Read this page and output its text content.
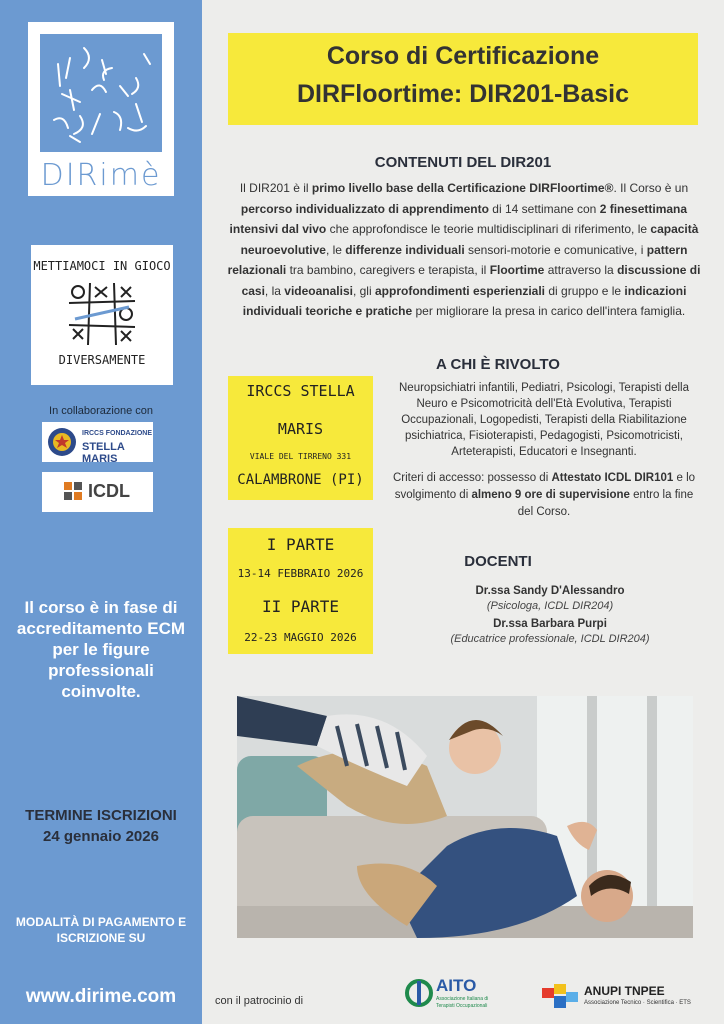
DIRimè
METTIAMOCI IN GIOCO
DIVERSAMENTE
In collaborazione con
IRCCS FONDAZIONE
STELLA MARIS
ICDL
Il corso è in fase di accreditamento ECM per le figure professionali coinvolte.
TERMINE ISCRIZIONI
24 gennaio 2026
MODALITÀ DI PAGAMENTO E ISCRIZIONE SU
www.dirime.com
Corso di Certificazione
DIRFloortime: DIR201-Basic
CONTENUTI DEL DIR201

Il DIR201 è il primo livello base della Certificazione DIRFloortime®. Il Corso è un percorso individualizzato di apprendimento di 14 settimane con 2 finesettimana intensivi dal vivo che approfondisce le teorie multidisciplinari di riferimento, le capacità neuroevolutive, le differenze individuali sensori-motorie e comunicative, i pattern relazionali tra bambino, caregivers e terapista, il Floortime attraverso la discussione di casi, la videoanalisi, gli approfondimenti esperienziali di gruppo e le indicazioni individuali teoriche e pratiche per migliorare la presa in carico dell'intera famiglia.

IRCCS STELLA
MARIS
VIALE DEL TIRRENO 331
CALAMBRONE (PI)
I PARTE
13-14 FEBBRAIO 2026
II PARTE
22-23 MAGGIO 2026
A CHI È RIVOLTO

Neuropsichiatri infantili, Pediatri, Psicologi, Terapisti della Neuro e Psicomotricità dell'Età Evolutiva, Terapisti Occupazionali, Logopedisti, Terapisti della Riabilitazione psichiatrica, Fisioterapisti, Pedagogisti, Psicomotricisti, Arteterapisti, Educatori e Insegnanti.

Criteri di accesso: possesso di Attestato ICDL DIR101 e lo svolgimento di almeno 9 ore di supervisione entro la fine del Corso.

DOCENTI
Dr.ssa Sandy D'Alessandro
(Psicologa, ICDL DIR204)
Dr.ssa Barbara Purpi
(Educatrice professionale, ICDL DIR204)
con il patrocinio di
AITO
Associazione Italiana di
Terapisti Occupazionali
ANUPI TNPEE
Associazione Tecnico · Scientifica · ETS
